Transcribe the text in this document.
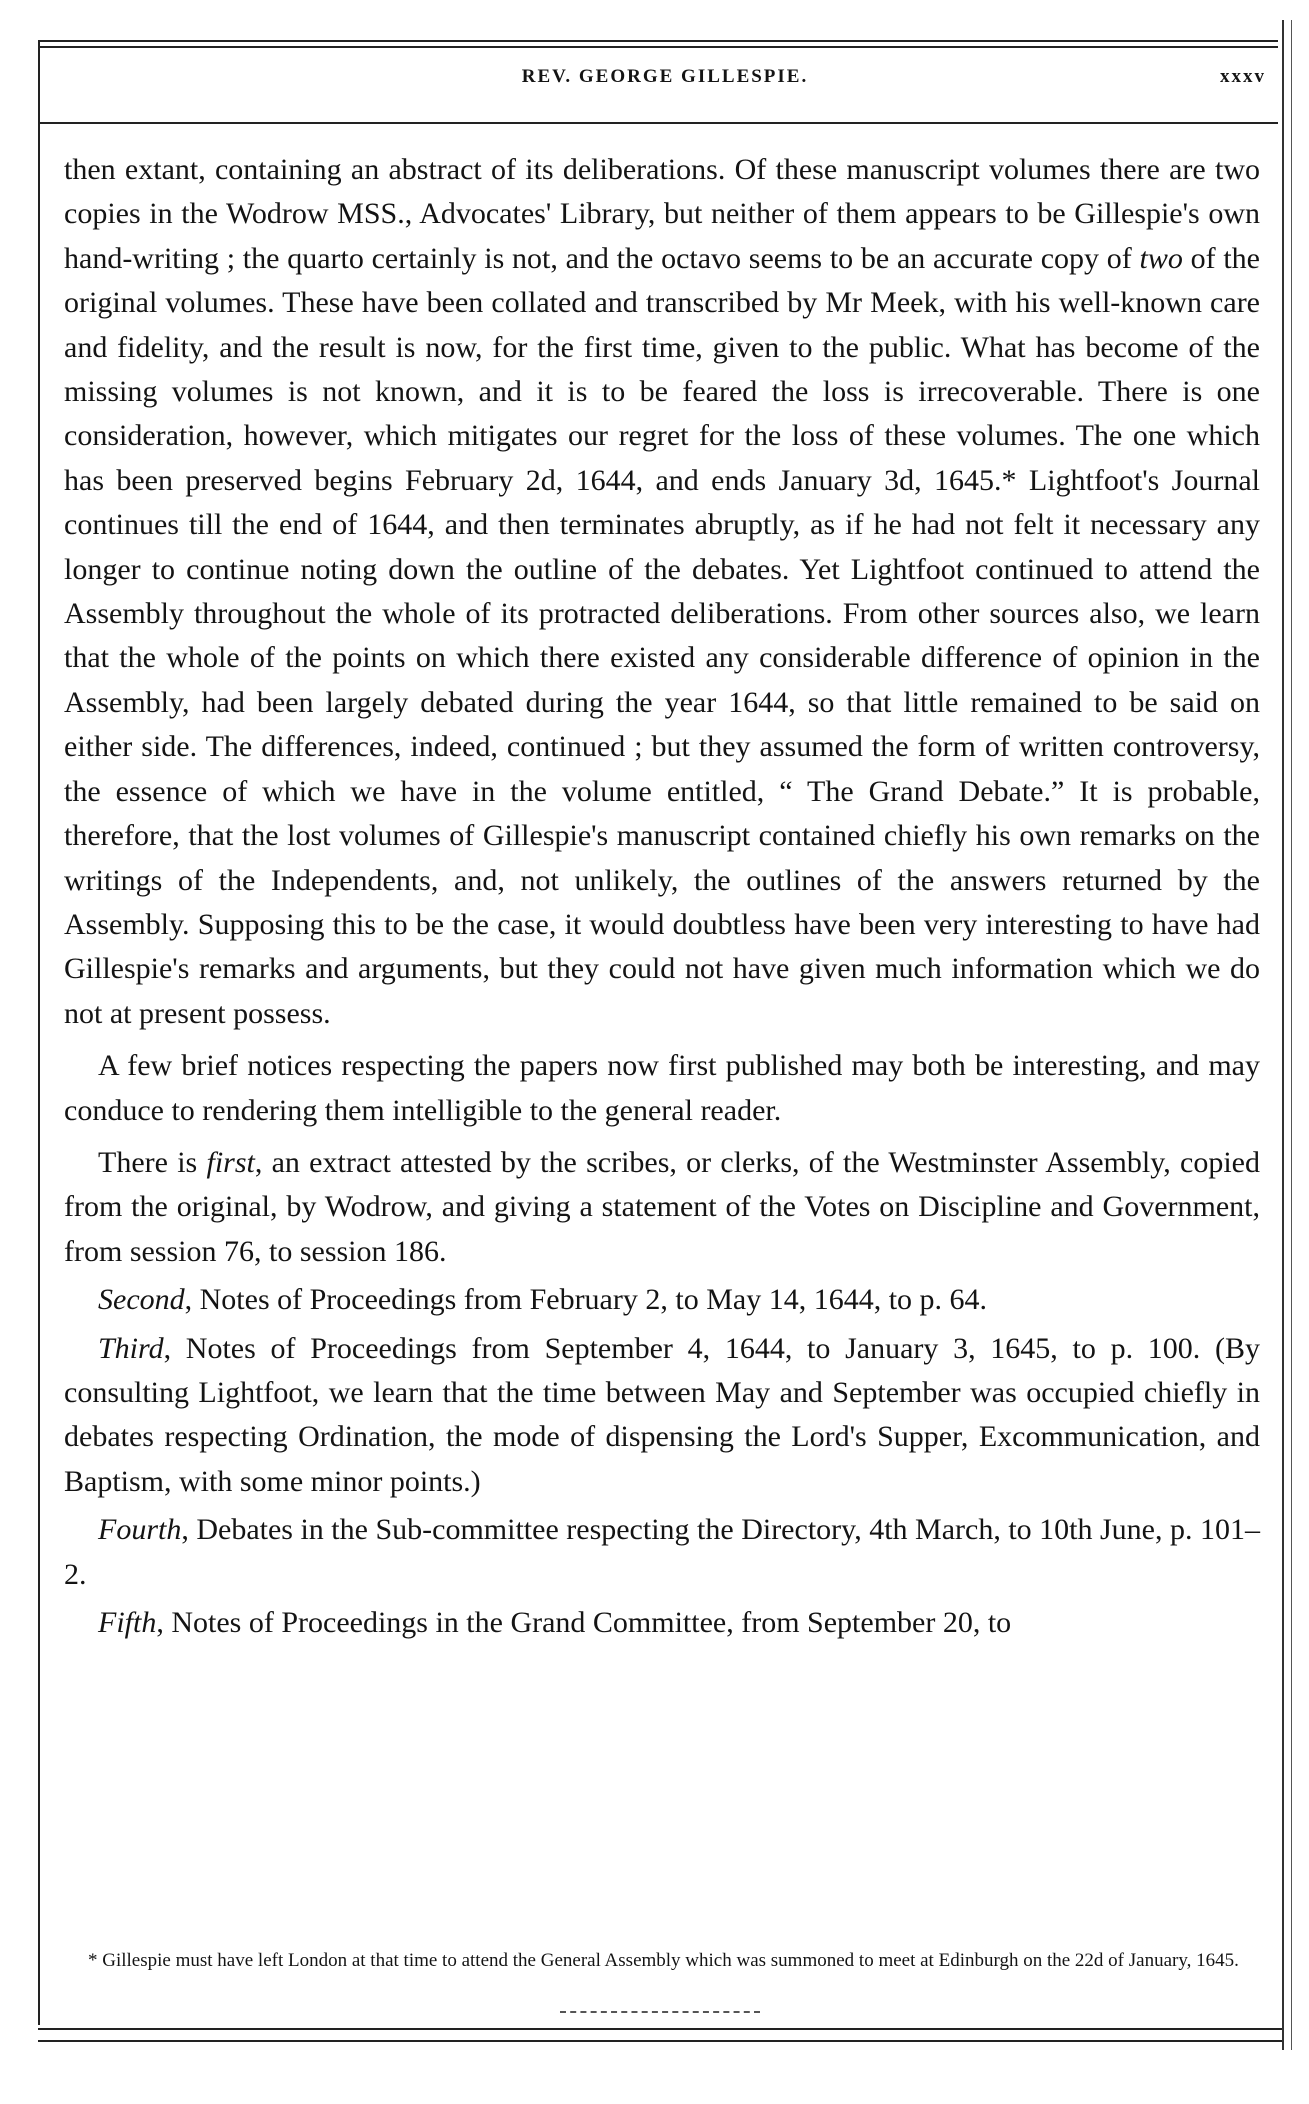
REV. GEORGE GILLESPIE.	xxxv

then extant, containing an abstract of its deliberations. Of these manuscript volumes there are two copies in the Wodrow MSS., Advocates' Library, but neither of them appears to be Gillespie's own hand-writing ; the quarto certainly is not, and the octavo seems to be an accurate copy of two of the original volumes. These have been collated and transcribed by Mr Meek, with his well-known care and fidelity, and the result is now, for the first time, given to the public. What has become of the missing volumes is not known, and it is to be feared the loss is irrecoverable. There is one consideration, however, which mitigates our regret for the loss of these volumes. The one which has been preserved begins February 2d, 1644, and ends January 3d, 1645.* Lightfoot's Journal continues till the end of 1644, and then terminates abruptly, as if he had not felt it necessary any longer to continue noting down the outline of the debates. Yet Lightfoot continued to attend the Assembly throughout the whole of its protracted deliberations. From other sources also, we learn that the whole of the points on which there existed any considerable difference of opinion in the Assembly, had been largely debated during the year 1644, so that little remained to be said on either side. The differences, indeed, continued ; but they assumed the form of written controversy, the essence of which we have in the volume entitled, “ The Grand Debate.” It is probable, therefore, that the lost volumes of Gillespie's manuscript contained chiefly his own remarks on the writings of the Independents, and, not unlikely, the outlines of the answers returned by the Assembly. Supposing this to be the case, it would doubtless have been very interesting to have had Gillespie's remarks and arguments, but they could not have given much information which we do not at present possess.

A few brief notices respecting the papers now first published may both be interesting, and may conduce to rendering them intelligible to the general reader.

There is first, an extract attested by the scribes, or clerks, of the Westminster Assembly, copied from the original, by Wodrow, and giving a statement of the Votes on Discipline and Government, from session 76, to session 186.

Second, Notes of Proceedings from February 2, to May 14, 1644, to p. 64.

Third, Notes of Proceedings from September 4, 1644, to January 3, 1645, to p. 100. (By consulting Lightfoot, we learn that the time between May and September was occupied chiefly in debates respecting Ordination, the mode of dispensing the Lord's Supper, Excommunication, and Baptism, with some minor points.)

Fourth, Debates in the Sub-committee respecting the Directory, 4th March, to 10th June, p. 101–2.

Fifth, Notes of Proceedings in the Grand Committee, from September 20, to

* Gillespie must have left London at that time to attend the General Assembly which was summoned to meet at Edinburgh on the 22d of January, 1645.
